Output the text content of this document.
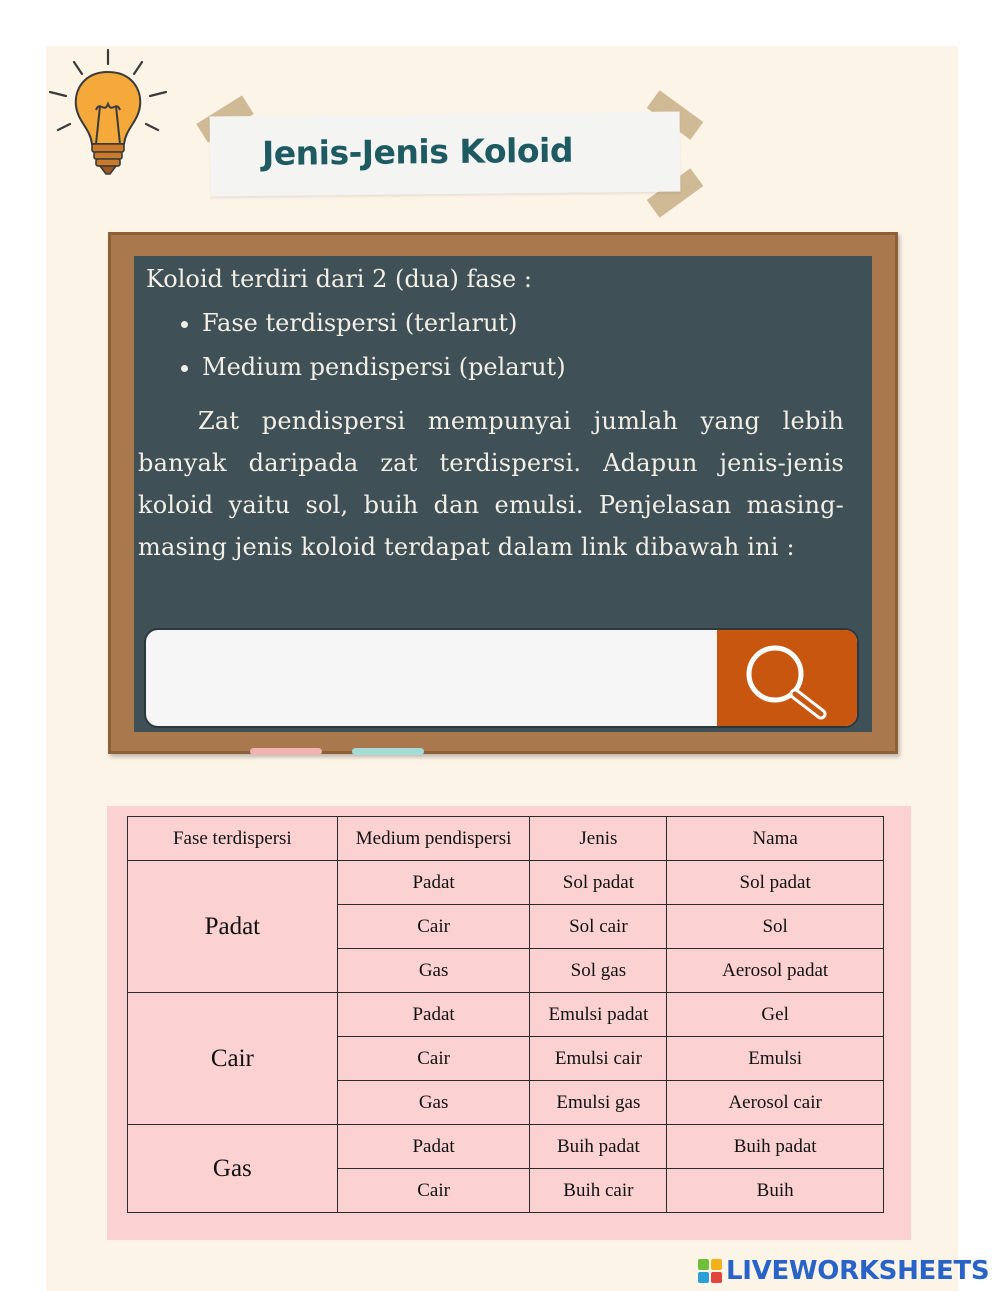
Jenis-Jenis Koloid

Koloid terdiri dari 2 (dua) fase :

• Fase terdispersi (terlarut)
• Medium pendispersi (pelarut)

Zat pendispersi mempunyai jumlah yang lebih banyak daripada zat terdispersi. Adapun jenis-jenis koloid yaitu sol, buih dan emulsi. Penjelasan masing-masing jenis koloid terdapat dalam link dibawah ini :

Fase terdispersi	Medium pendispersi	Jenis	Nama
Padat	Padat	Sol padat	Sol padat
	Cair	Sol cair	Sol
	Gas	Sol gas	Aerosol padat
Cair	Padat	Emulsi padat	Gel
	Cair	Emulsi cair	Emulsi
	Gas	Emulsi gas	Aerosol cair
Gas	Padat	Buih padat	Buih padat
	Cair	Buih cair	Buih
LIVEWORKSHEETS
